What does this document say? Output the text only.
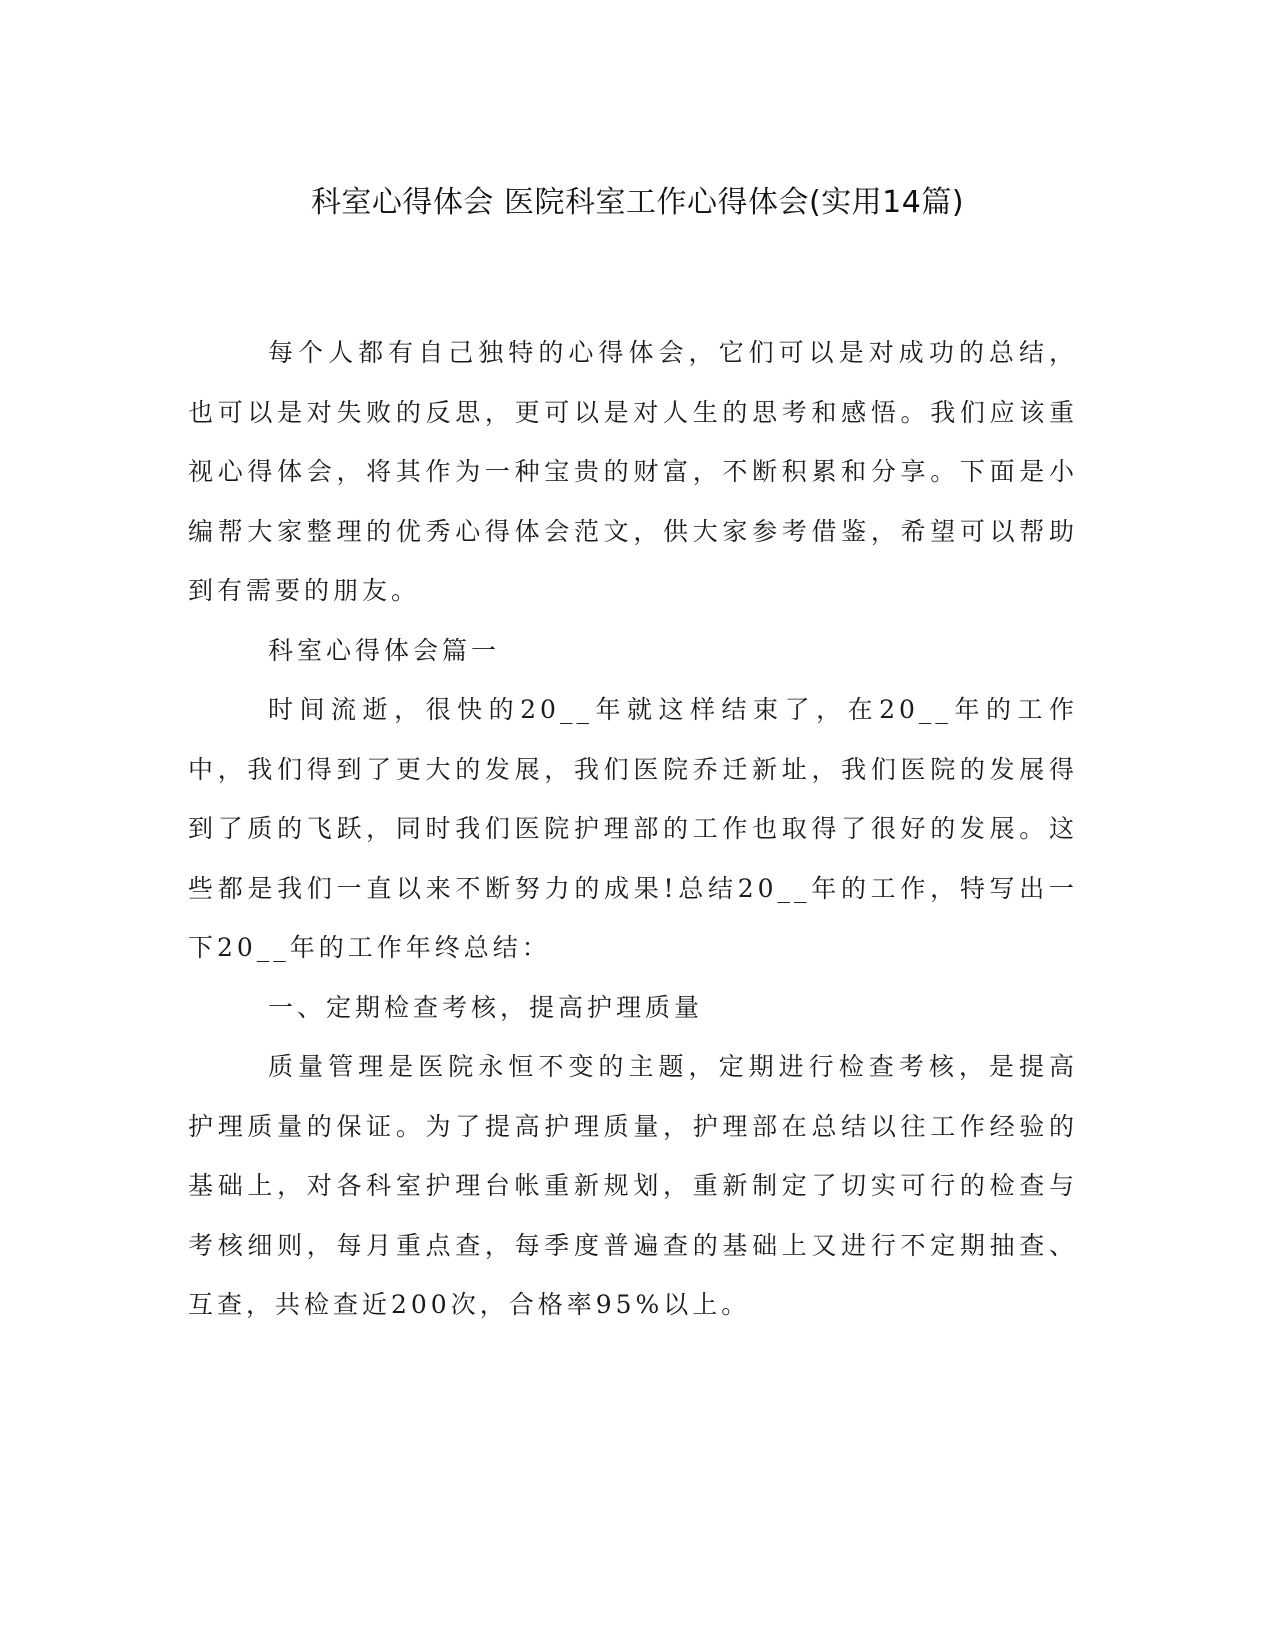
科室心得体会 医院科室工作心得体会(实用14篇)

每个人都有自己独特的心得体会，它们可以是对成功的总结，也可以是对失败的反思，更可以是对人生的思考和感悟。我们应该重视心得体会，将其作为一种宝贵的财富，不断积累和分享。下面是小编帮大家整理的优秀心得体会范文，供大家参考借鉴，希望可以帮助到有需要的朋友。

科室心得体会篇一

时间流逝，很快的20__年就这样结束了，在20__年的工作中，我们得到了更大的发展，我们医院乔迁新址，我们医院的发展得到了质的飞跃，同时我们医院护理部的工作也取得了很好的发展。这些都是我们一直以来不断努力的成果!总结20__年的工作，特写出一下20__年的工作年终总结：

一、定期检查考核，提高护理质量

质量管理是医院永恒不变的主题，定期进行检查考核，是提高护理质量的保证。为了提高护理质量，护理部在总结以往工作经验的基础上，对各科室护理台帐重新规划，重新制定了切实可行的检查与考核细则，每月重点查，每季度普遍查的基础上又进行不定期抽查、互查，共检查近200次，合格率95%以上。
